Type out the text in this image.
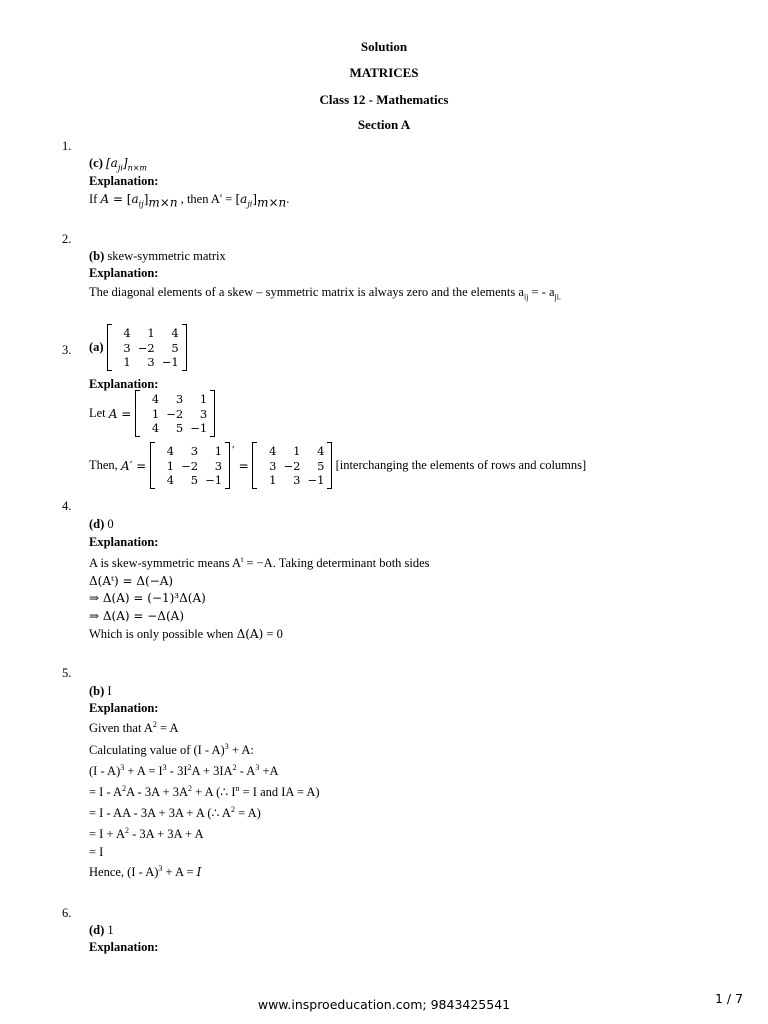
Solution
MATRICES
Class 12 - Mathematics
Section A
1.
(c) $[a_{ji}]_{n\times m}$
Explanation:
If $A = [a_{ij}]_{m\times n}$ , then $A' = [a_{ji}]_{m\times n}$.
2.
(b) skew-symmetric matrix
Explanation:
The diagonal elements of a skew – symmetric matrix is always zero and the elements $a_{ij}$ = - $a_{ji.}$
3. (a)

4	1	4
3 −2	5
1	3 −1
Explanation:
Let
A =
4	3	1
1 −2	3
4	5 −1
Then,
A′ =
4	3	1
1 −2	3
4	5 −1
′
=
4	1	4
3 −2	5
1	3 −1

[interchanging the elements of rows and columns]
4.
(d) 0
Explanation:
A is skew-symmetric means $A^t = -A$. Taking determinant both sides
Δ(Aᵗ) = Δ(−A)
⇒ Δ(A) = (−1)³Δ(A)
⇒ Δ(A) = −Δ(A)
Which is only possible when Δ(A) = 0
5.
(b) I
Explanation:
Given that $A^2 = A$
Calculating value of (I - A)$^3$ + A:
$(I - A)^3 + A = I^3 - 3I^2A + 3IA^2 - A^3 +A$
= $I - A^2A - 3A + 3A^2 + A$ (∴ $I^n = I$ and IA = A)
= I - AA - 3A + 3A + A (∴ $A^2 = A$)
= $I + A^2 - 3A + 3A + A$
= I
Hence, (I - A)$^3$ + A = I
6.
(d) 1
Explanation:
www.insproeducation.com; 9843425541	1 / 7
